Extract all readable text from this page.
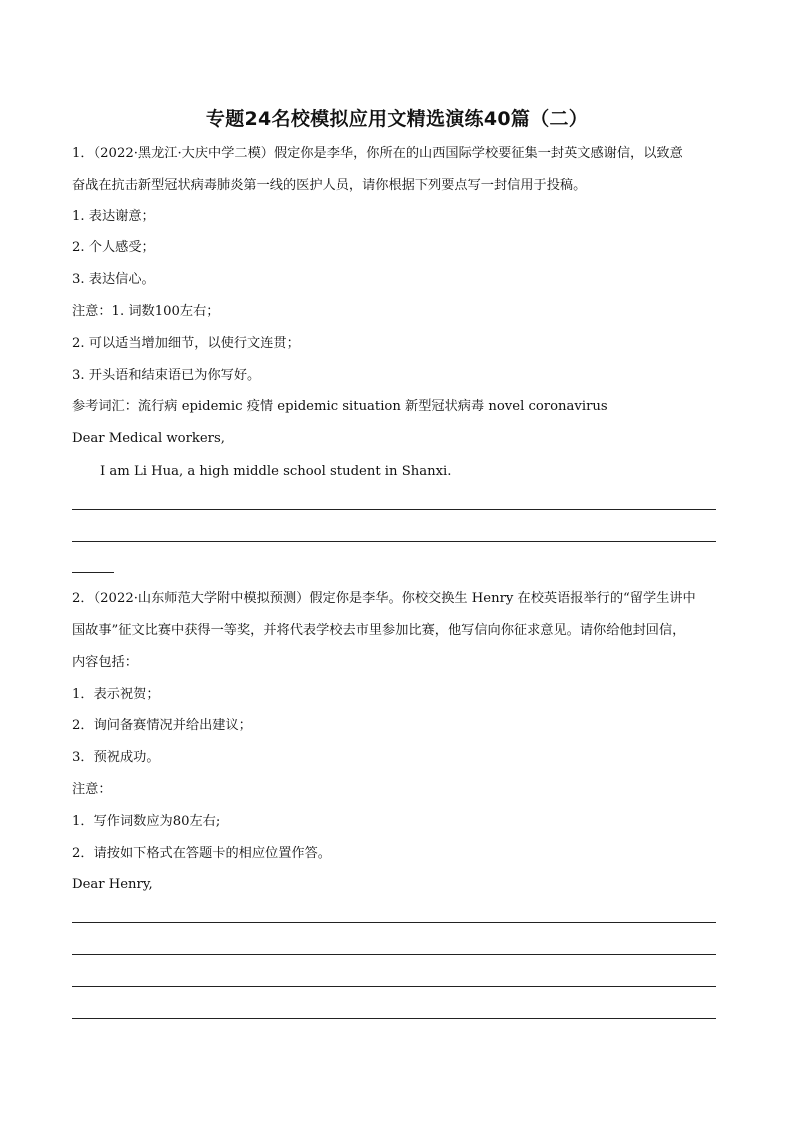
专题24名校模拟应用文精选演练40篇（二）
1．（2022·黑龙江·大庆中学二模）假定你是李华，你所在的山西国际学校要征集一封英文感谢信，以致意
奋战在抗击新型冠状病毒肺炎第一线的医护人员，请你根据下列要点写一封信用于投稿。
1. 表达谢意；
2. 个人感受；
3. 表达信心。
注意：1. 词数100左右；
2. 可以适当增加细节，以使行文连贯；
3. 开头语和结束语已为你写好。
参考词汇：流行病 epidemic 疫情 epidemic situation 新型冠状病毒 novel coronavirus
Dear Medical workers,
I am Li Hua, a high middle school student in Shanxi.
2．（2022·山东师范大学附中模拟预测）假定你是李华。你校交换生 Henry 在校英语报举行的“留学生讲中
国故事”征文比赛中获得一等奖，并将代表学校去市里参加比赛，他写信向你征求意见。请你给他封回信，
内容包括：
1．表示祝贺；
2．询问备赛情况并给出建议；
3．预祝成功。
注意：
1．写作词数应为80左右;
2．请按如下格式在答题卡的相应位置作答。
Dear Henry,
